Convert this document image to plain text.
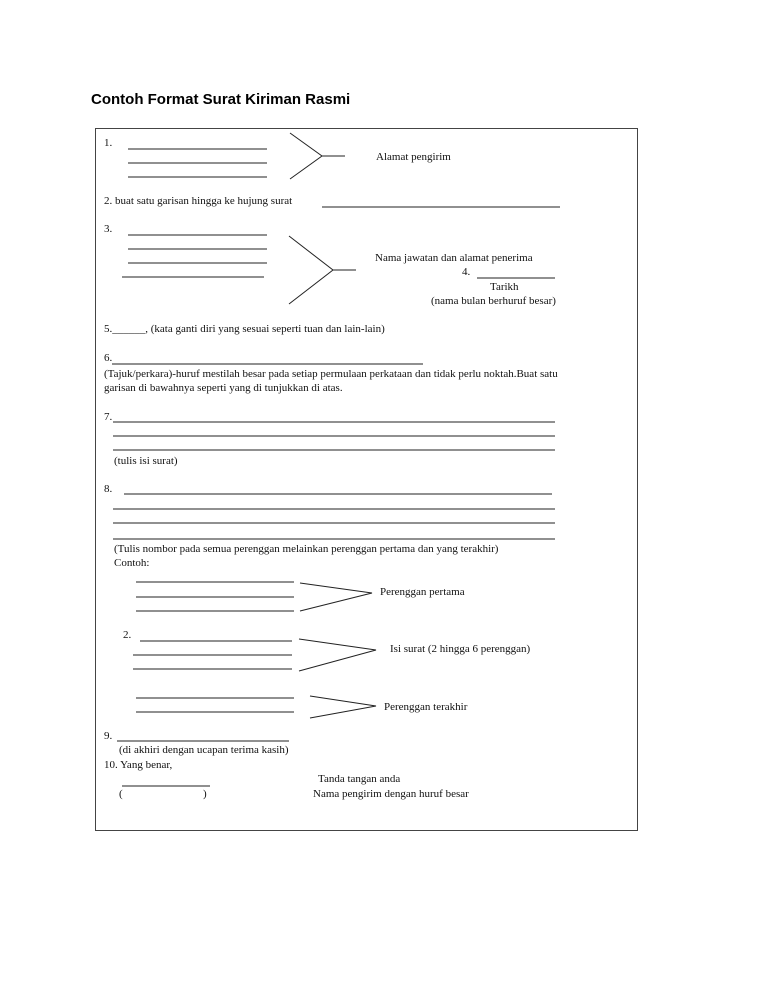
Contoh Format Surat Kiriman Rasmi
1.
Alamat pengirim
2. buat satu garisan hingga ke hujung surat
3.
Nama jawatan dan alamat penerima
4.
Tarikh
(nama bulan berhuruf besar)
5.______, (kata ganti diri yang sesuai seperti tuan dan lain-lain)
6.
(Tajuk/perkara)-huruf mestilah besar pada setiap permulaan perkataan dan tidak perlu noktah.Buat satu
garisan di bawahnya seperti yang di tunjukkan di atas.
7.
(tulis isi surat)
8.
(Tulis nombor pada semua perenggan melainkan perenggan pertama dan yang terakhir)
Contoh:
Perenggan pertama
2.
Isi surat (2 hingga 6 perenggan)
Perenggan terakhir
9.
(di akhiri dengan ucapan terima kasih)
10. Yang benar,
(	)
Tanda tangan anda
Nama pengirim dengan huruf besar
